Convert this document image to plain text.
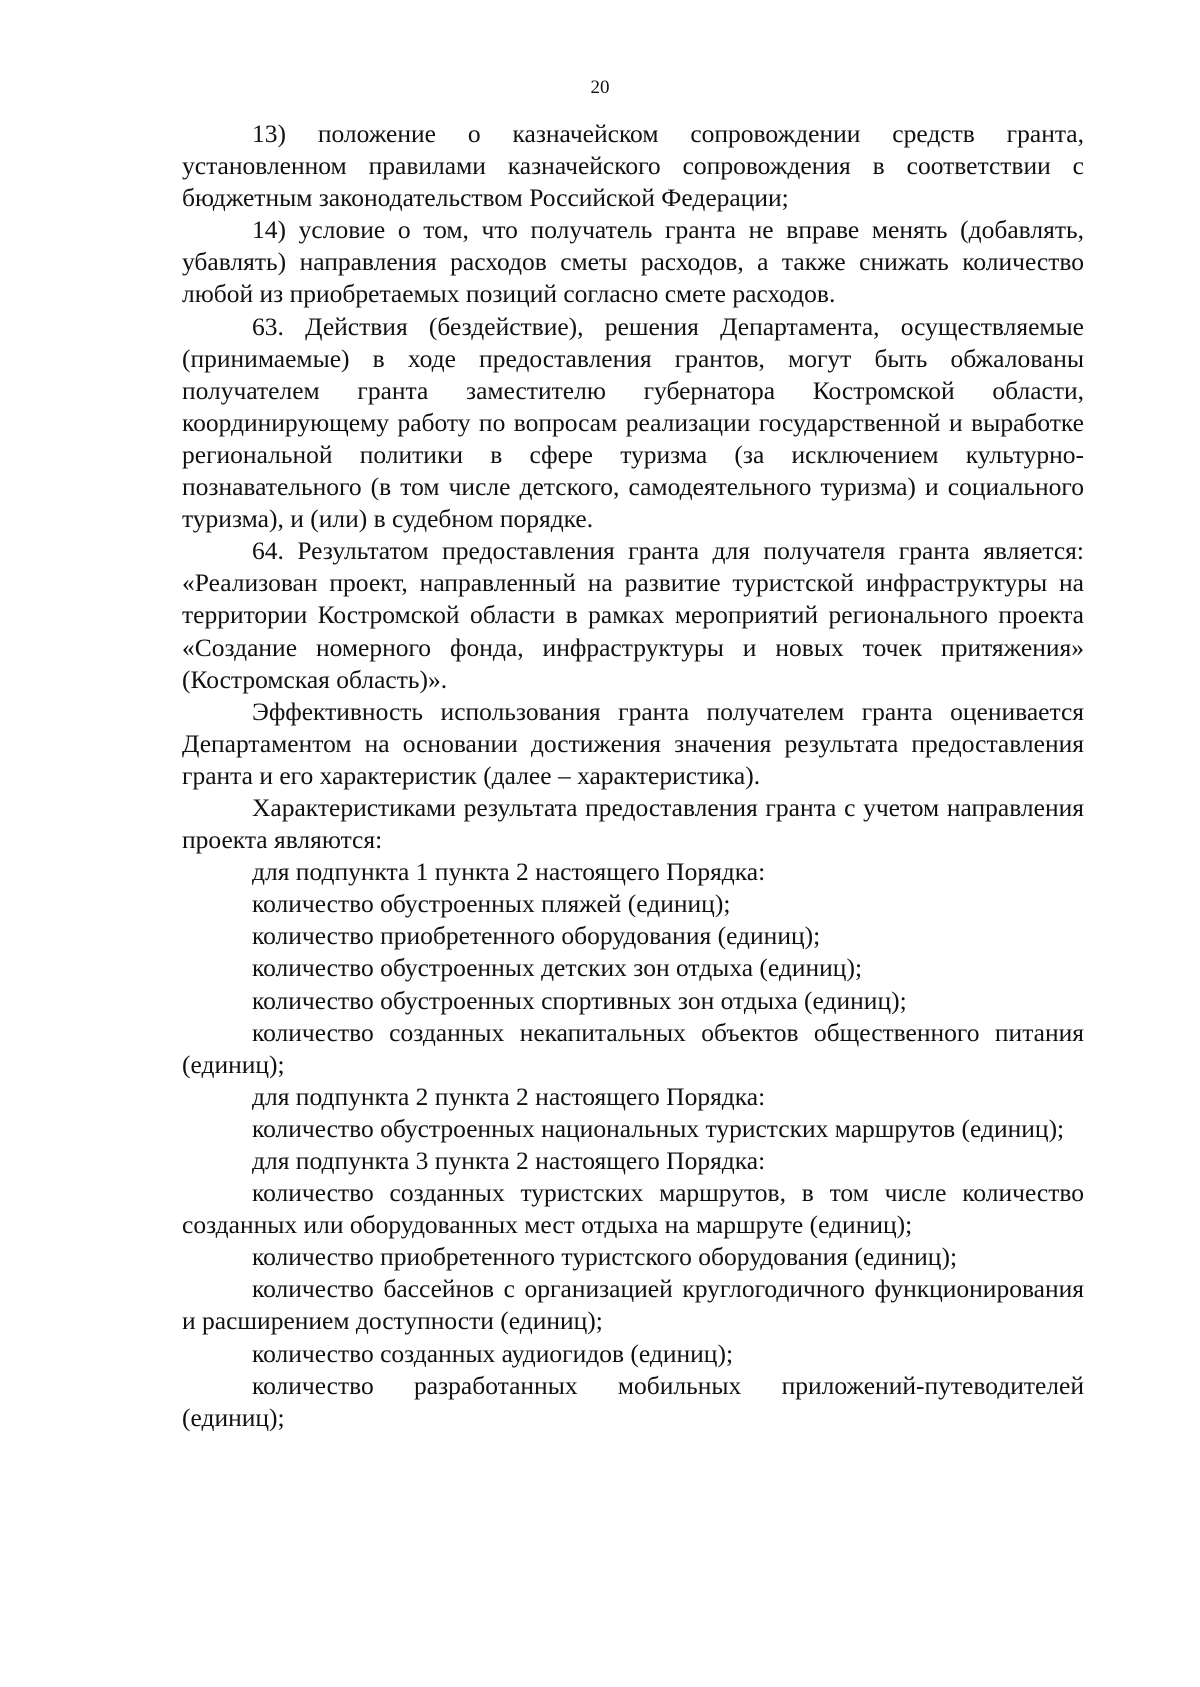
20

13) положение о казначейском сопровождении средств гранта, установленном правилами казначейского сопровождения в соответствии с бюджетным законодательством Российской Федерации;

14) условие о том, что получатель гранта не вправе менять (добавлять, убавлять) направления расходов сметы расходов, а также снижать количество любой из приобретаемых позиций согласно смете расходов.

63. Действия (бездействие), решения Департамента, осуществляемые (принимаемые) в ходе предоставления грантов, могут быть обжалованы получателем гранта заместителю губернатора Костромской области, координирующему работу по вопросам реализации государственной и выработке региональной политики в сфере туризма (за исключением культурно-познавательного (в том числе детского, самодеятельного туризма) и социального туризма), и (или) в судебном порядке.

64. Результатом предоставления гранта для получателя гранта является: «Реализован проект, направленный на развитие туристской инфраструктуры на территории Костромской области в рамках мероприятий регионального проекта «Создание номерного фонда, инфраструктуры и новых точек притяжения» (Костромская область)».

Эффективность использования гранта получателем гранта оценивается Департаментом на основании достижения значения результата предоставления гранта и его характеристик (далее – характеристика).

Характеристиками результата предоставления гранта с учетом направления проекта являются:

для подпункта 1 пункта 2 настоящего Порядка:

количество обустроенных пляжей (единиц);

количество приобретенного оборудования (единиц);

количество обустроенных детских зон отдыха (единиц);

количество обустроенных спортивных зон отдыха (единиц);

количество созданных некапитальных объектов общественного питания (единиц);

для подпункта 2 пункта 2 настоящего Порядка:

количество обустроенных национальных туристских маршрутов (единиц);

для подпункта 3 пункта 2 настоящего Порядка:

количество созданных туристских маршрутов, в том числе количество созданных или оборудованных мест отдыха на маршруте (единиц);

количество приобретенного туристского оборудования (единиц);

количество бассейнов с организацией круглогодичного функционирования и расширением доступности (единиц);

количество созданных аудиогидов (единиц);

количество разработанных мобильных приложений-путеводителей (единиц);
